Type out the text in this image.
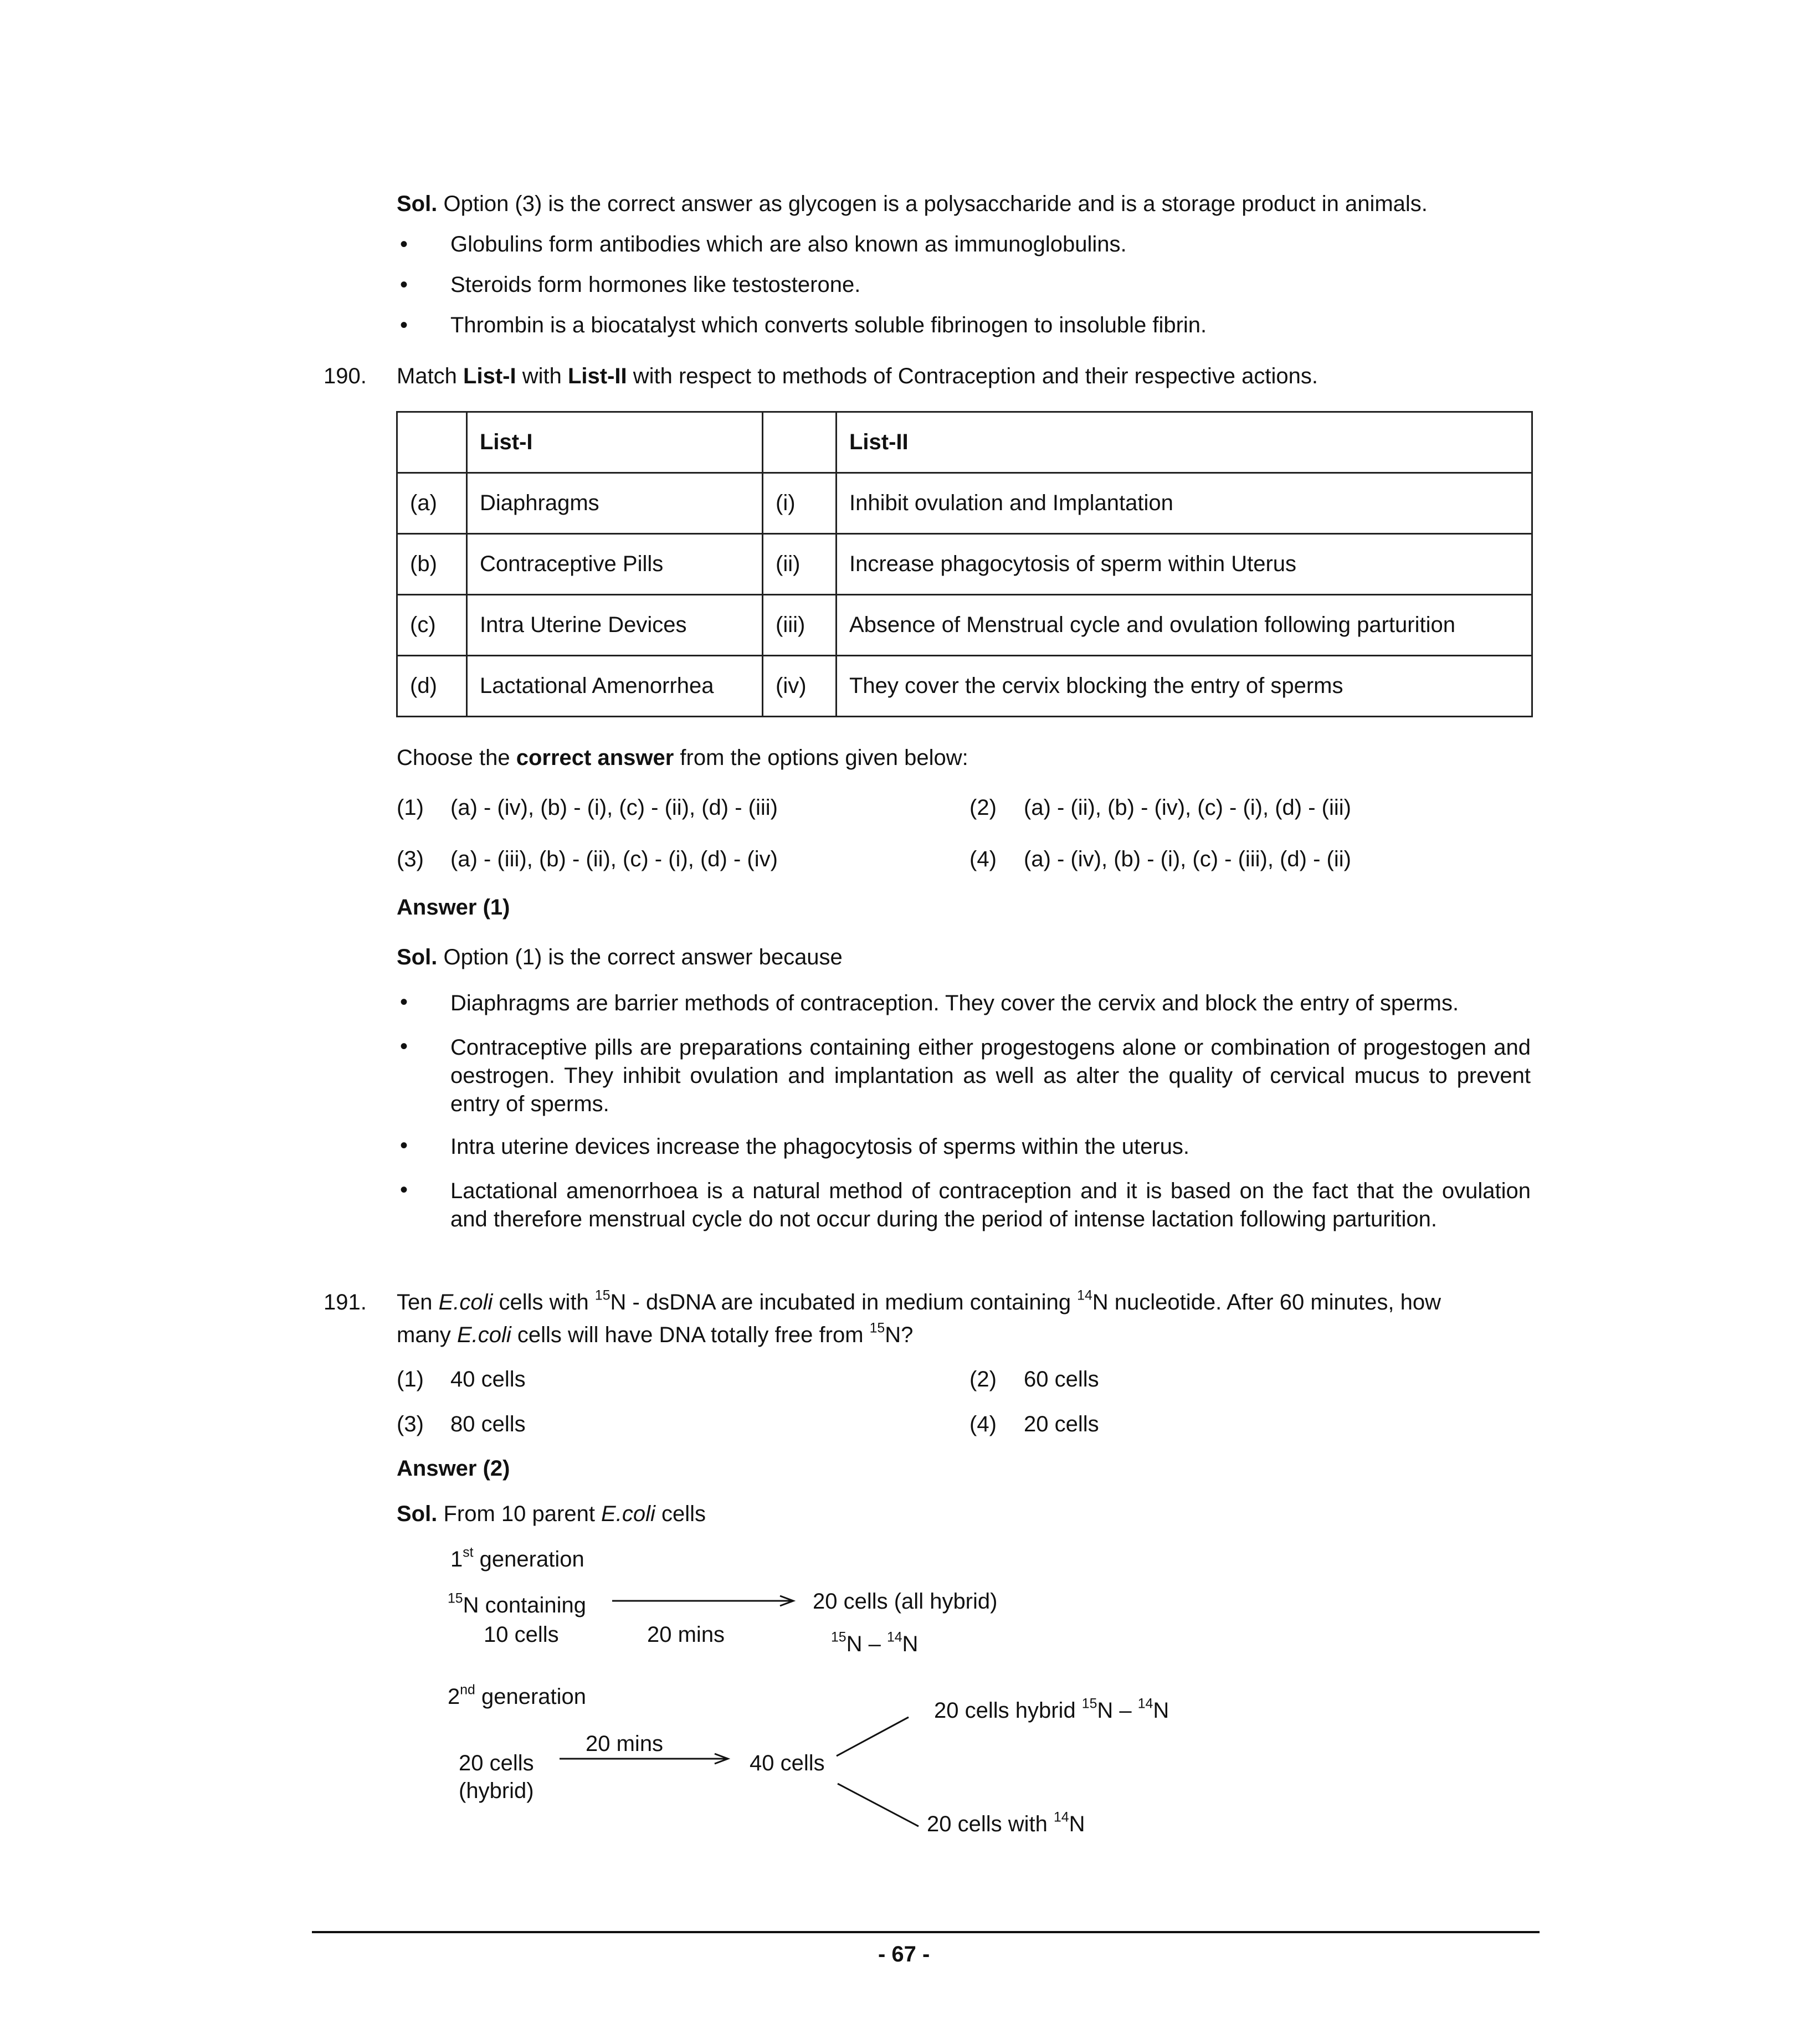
Sol. Option (3) is the correct answer as glycogen is a polysaccharide and is a storage product in animals.
• Globulins form antibodies which are also known as immunoglobulins.
• Steroids form hormones like testosterone.
• Thrombin is a biocatalyst which converts soluble fibrinogen to insoluble fibrin.
190. Match List-I with List-II with respect to methods of Contraception and their respective actions.
	List-I		List-II
(a)	Diaphragms	(i)	Inhibit ovulation and Implantation
(b)	Contraceptive Pills	(ii)	Increase phagocytosis of sperm within Uterus
(c)	Intra Uterine Devices	(iii)	Absence of Menstrual cycle and ovulation following parturition
(d)	Lactational Amenorrhea	(iv)	They cover the cervix blocking the entry of sperms
Choose the correct answer from the options given below:
(1) (a) - (iv), (b) - (i), (c) - (ii), (d) - (iii)	(2) (a) - (ii), (b) - (iv), (c) - (i), (d) - (iii)
(3) (a) - (iii), (b) - (ii), (c) - (i), (d) - (iv)	(4) (a) - (iv), (b) - (i), (c) - (iii), (d) - (ii)
Answer (1)
Sol. Option (1) is the correct answer because
• Diaphragms are barrier methods of contraception. They cover the cervix and block the entry of sperms.
• Contraceptive pills are preparations containing either progestogens alone or combination of progestogen and oestrogen. They inhibit ovulation and implantation as well as alter the quality of cervical mucus to prevent entry of sperms.
• Intra uterine devices increase the phagocytosis of sperms within the uterus.
• Lactational amenorrhoea is a natural method of contraception and it is based on the fact that the ovulation and therefore menstrual cycle do not occur during the period of intense lactation following parturition.
191. Ten E.coli cells with $^{15}$N - dsDNA are incubated in medium containing $^{14}$N nucleotide. After 60 minutes, how
many E.coli cells will have DNA totally free from $^{15}$N?
(1) 40 cells	(2) 60 cells
(3) 80 cells	(4) 20 cells
Answer (2)
Sol. From 10 parent E.coli cells
1st generation
$^{15}$N containing
10 cells	20 mins
20 cells (all hybrid)
$^{15}$N – $^{14}$N
2nd generation
20 mins
20 cells
(hybrid)
40 cells
20 cells hybrid $^{15}$N – $^{14}$N
20 cells with $^{14}$N
- 67 -
